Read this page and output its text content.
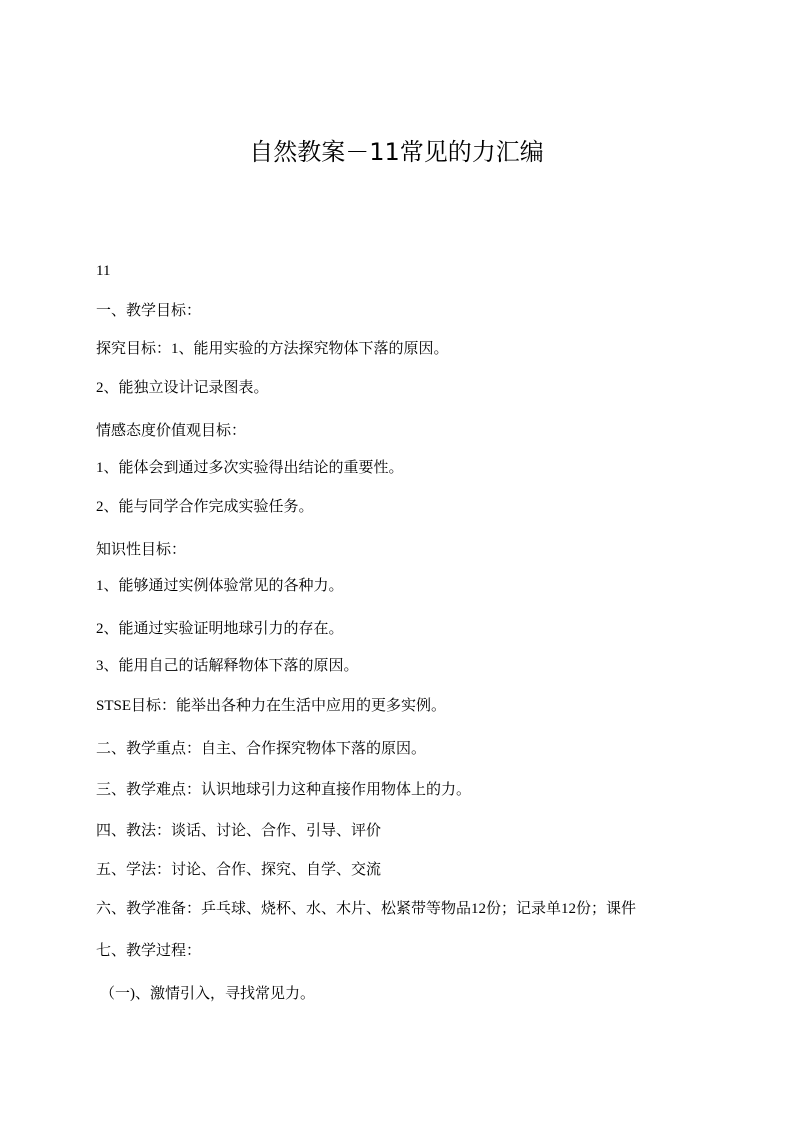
自然教案－11常见的力汇编

11

一、教学目标：

探究目标：1、能用实验的方法探究物体下落的原因。

2、能独立设计记录图表。

情感态度价值观目标：

1、能体会到通过多次实验得出结论的重要性。

2、能与同学合作完成实验任务。

知识性目标：

1、能够通过实例体验常见的各种力。

2、能通过实验证明地球引力的存在。

3、能用自己的话解释物体下落的原因。

STSE目标：能举出各种力在生活中应用的更多实例。

二、教学重点：自主、合作探究物体下落的原因。

三、教学难点：认识地球引力这种直接作用物体上的力。

四、教法：谈话、讨论、合作、引导、评价

五、学法：讨论、合作、探究、自学、交流

六、教学准备：乒乓球、烧杯、水、木片、松紧带等物品12份；记录单12份；课件

七、教学过程：

（一)、激情引入，寻找常见力。
